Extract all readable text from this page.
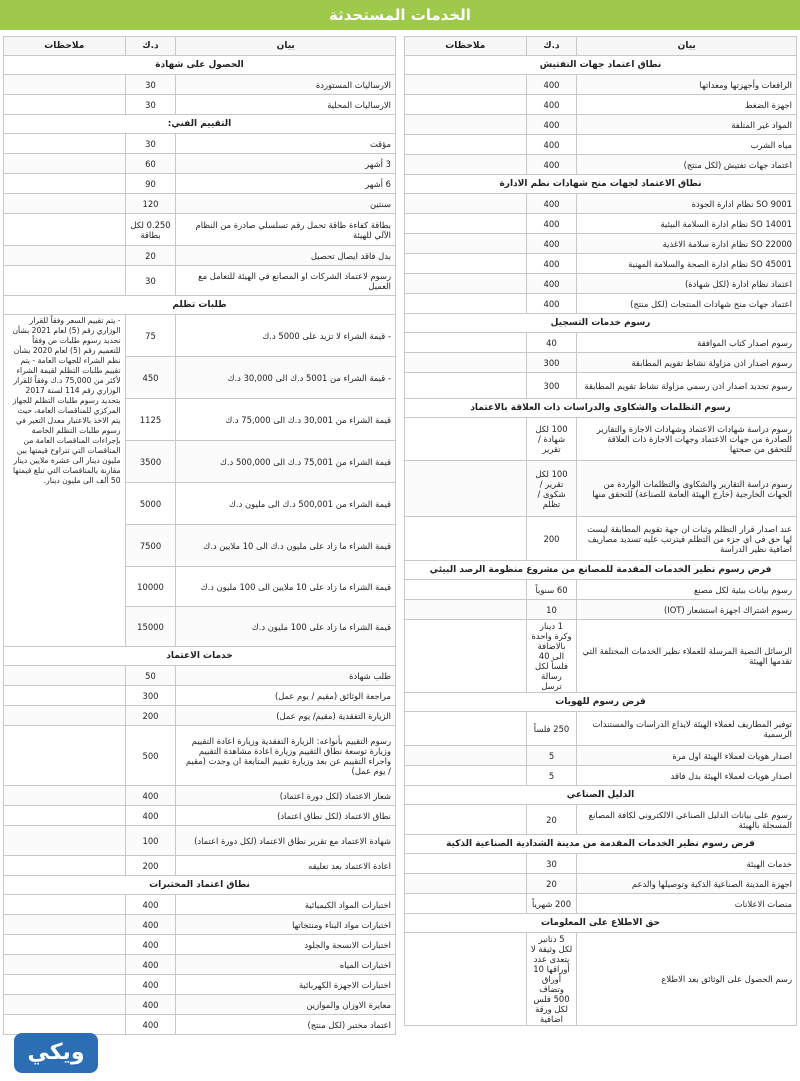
الخدمات المستحدثة
بيان	د.ك	ملاحظات
نطاق اعتماد جهات التفتيش		
الرافعات وأجهزتها ومعداتها	400	
اجهزة الضغط	400	
المواد غير المتلفة	400	
مياه الشرب	400	
اعتماد جهات تفتيش (لكل منتج)	400	
نطاق الاعتماد لجهات منح شهادات نظم الادارة		
9001 SO نظام ادارة الجودة	400	
14001 SO نظام ادارة السلامة البيئية	400	
22000 SO نظام ادارة سلامة الاغذية	400	
45001 SO نظام ادارة الصحة والسلامة المهنية	400	
اعتماد نظام ادارة (لكل شهادة)	400	
اعتماد جهات منح شهادات المنتجات (لكل منتج)	400	
رسوم خدمات التسجيل		
رسوم اصدار كتاب الموافقة	40	
رسوم اصدار اذن مزاولة نشاط تقويم المطابقة	300	
رسوم تجديد اصدار اذن رسمي مزاولة نشاط تقويم المطابقة	300	
رسوم التظلمات والشكاوى والدراسات ذات العلاقة بالاعتماد		
رسوم دراسة شهادات الاعتماد وشهادات الاجازة والتقارير الصادرة من جهات الاعتماد وجهات الاجازة ذات العلاقة للتحقق من صحتها	100 لكل شهادة / تقرير	
رسوم دراسة التقارير والشكاوى والتظلمات الواردة من الجهات الخارجية (خارج الهيئة العامة للصناعة) للتحقق منها	100 لكل تقرير / شكوى / تظلم	
عند اصدار قرار التظلم وثبات ان جهة تقويم المطابقة ليست لها حق في اي جزء من التظلم فيترتب عليه تسديد مصاريف اضافية نظير الدراسة	200	
فرض رسوم نظير الخدمات المقدمة للمصانع من مشروع منظومة الرصد البيئي		
رسوم بيانات بيئية لكل مصنع	60 سنوياً	
رسوم اشتراك اجهزة استشعار (IOT)	10	
الرسائل النصية المرسلة للعملاء نظير الخدمات المختلفة التي تقدمها الهيئة	1 دينار وكرة واحدة بالاضافة الى 40 فلساً لكل رسالة ترسل	
فرض رسوم للهويات		
توفير المطاريف لعملاء الهيئة لايداع الدراسات والمستندات الرسمية	250 فلساً	
اصدار هويات لعملاء الهيئة اول مرة	5	
اصدار هويات لعملاء الهيئة بدل فاقد	5	
الدليل الصناعي		
رسوم على بيانات الدليل الصناعي الالكتروني لكافة المصانع المسجلة بالهيئة	20	
فرض رسوم نظير الخدمات المقدمة من مدينة الشدادية الصناعية الذكية		
خدمات الهيئة	30	
اجهزة المدينة الصناعية الذكية وتوصيلها والدعم	20	
منصات الاعلانات	200 شهرياً	
حق الاطلاع على المعلومات		
رسم الحصول على الوثائق بعد الاطلاع	5 دنانير لكل وثيقة لا يتعدى عدد أوراقها 10 أوراق وتضاف 500 فلس لكل ورقة اضافية	
بيان	د.ك	ملاحظات
الحصول على شهادة		
الارساليات المستوردة	30	
الارساليات المحلية	30	
التقييم الفني:		
مؤقت	30	
3 أشهر	60	
6 أشهر	90	
سنتين	120	
بطاقة كفاءة طاقة تحمل رقم تسلسلي صادرة من النظام الآلي للهيئة	0.250 لكل بطاقة	
بدل فاقد ايصال تحصيل	20	
رسوم لاعتماد الشركات او المصانع في الهيئة للتعامل مع العميل	30	
طلبات تظلم		
- قيمة الشراء لا تزيد على 5000 د.ك	75	- يتم تقييم السعر وفقاً للقرار الوزاري رقم (5) لعام 2021 بشأن تحديد رسوم طلبات ص وفقاً للتعميم رقم (5) لعام 2020 بشأن نظم الشراء للجهات العامة - يتم تقييم طلبات التظلم لقيمة الشراء لأكثر من 75,000 د.ك وفقاً للقرار الوزاري رقم 114 لسنة 2017 بتحديد رسوم طلبات التظلم للجهاز المركزي للمناقصات العامة، حيث يتم الاخذ بالاعتبار معدل التغير في رسوم طلبات التظلم الخاصة بإجراءات المناقصات العامة من المناقصات التي تتراوح قيمتها بين مليون دينار الى عشرة ملايين دينار مقارنة بالمناقصات التي تبلغ قيمتها 50 ألف الى مليون دينار.
- قيمة الشراء من 5001 د.ك الى 30,000 د.ك	450	
قيمة الشراء من 30,001 د.ك الى 75,000 د.ك	1125	
قيمة الشراء من 75,001 د.ك الى 500,000 د.ك	3500	
قيمة الشراء من 500,001 د.ك الى مليون د.ك	5000	
قيمة الشراء ما زاد على مليون د.ك الى 10 ملايين د.ك	7500	
قيمة الشراء ما زاد على 10 ملايين الى 100 مليون د.ك	10000	
قيمة الشراء ما زاد على 100 مليون د.ك	15000	
خدمات الاعتماد		
طلب شهادة	50	
مراجعة الوثائق (مقيم / يوم عمل)	300	
الزيارة التفقدية (مقيم/ يوم عمل)	200	
رسوم التقييم بأنواعه: الزيارة التفقدية وزيارة اعادة التقييم وزيارة توسعة نطاق التقييم وزيارة اعادة مشاهدة التقييم واجراء التقييم عن بعد وزيارة تقييم المتابعة ان وجدت (مقيم / يوم عمل)	500	
شعار الاعتماد (لكل دورة اعتماد)	400	
نطاق الاعتماد (لكل نطاق اعتماد)	400	
شهادة الاعتماد مع تقرير نطاق الاعتماد (لكل دورة اعتماد)	100	
اعادة الاعتماد بعد تعليقه	200	
نطاق اعتماد المختبرات		
اختبارات المواد الكيميائية	400	
اختبارات مواد البناء ومنتجاتها	400	
اختبارات الانسجة والجلود	400	
اختبارات المياه	400	
اختبارات الاجهزة الكهربائية	400	
معايرة الاوزان والموازين	400	
اعتماد مختبر (لكل منتج)	400	
ويكي
